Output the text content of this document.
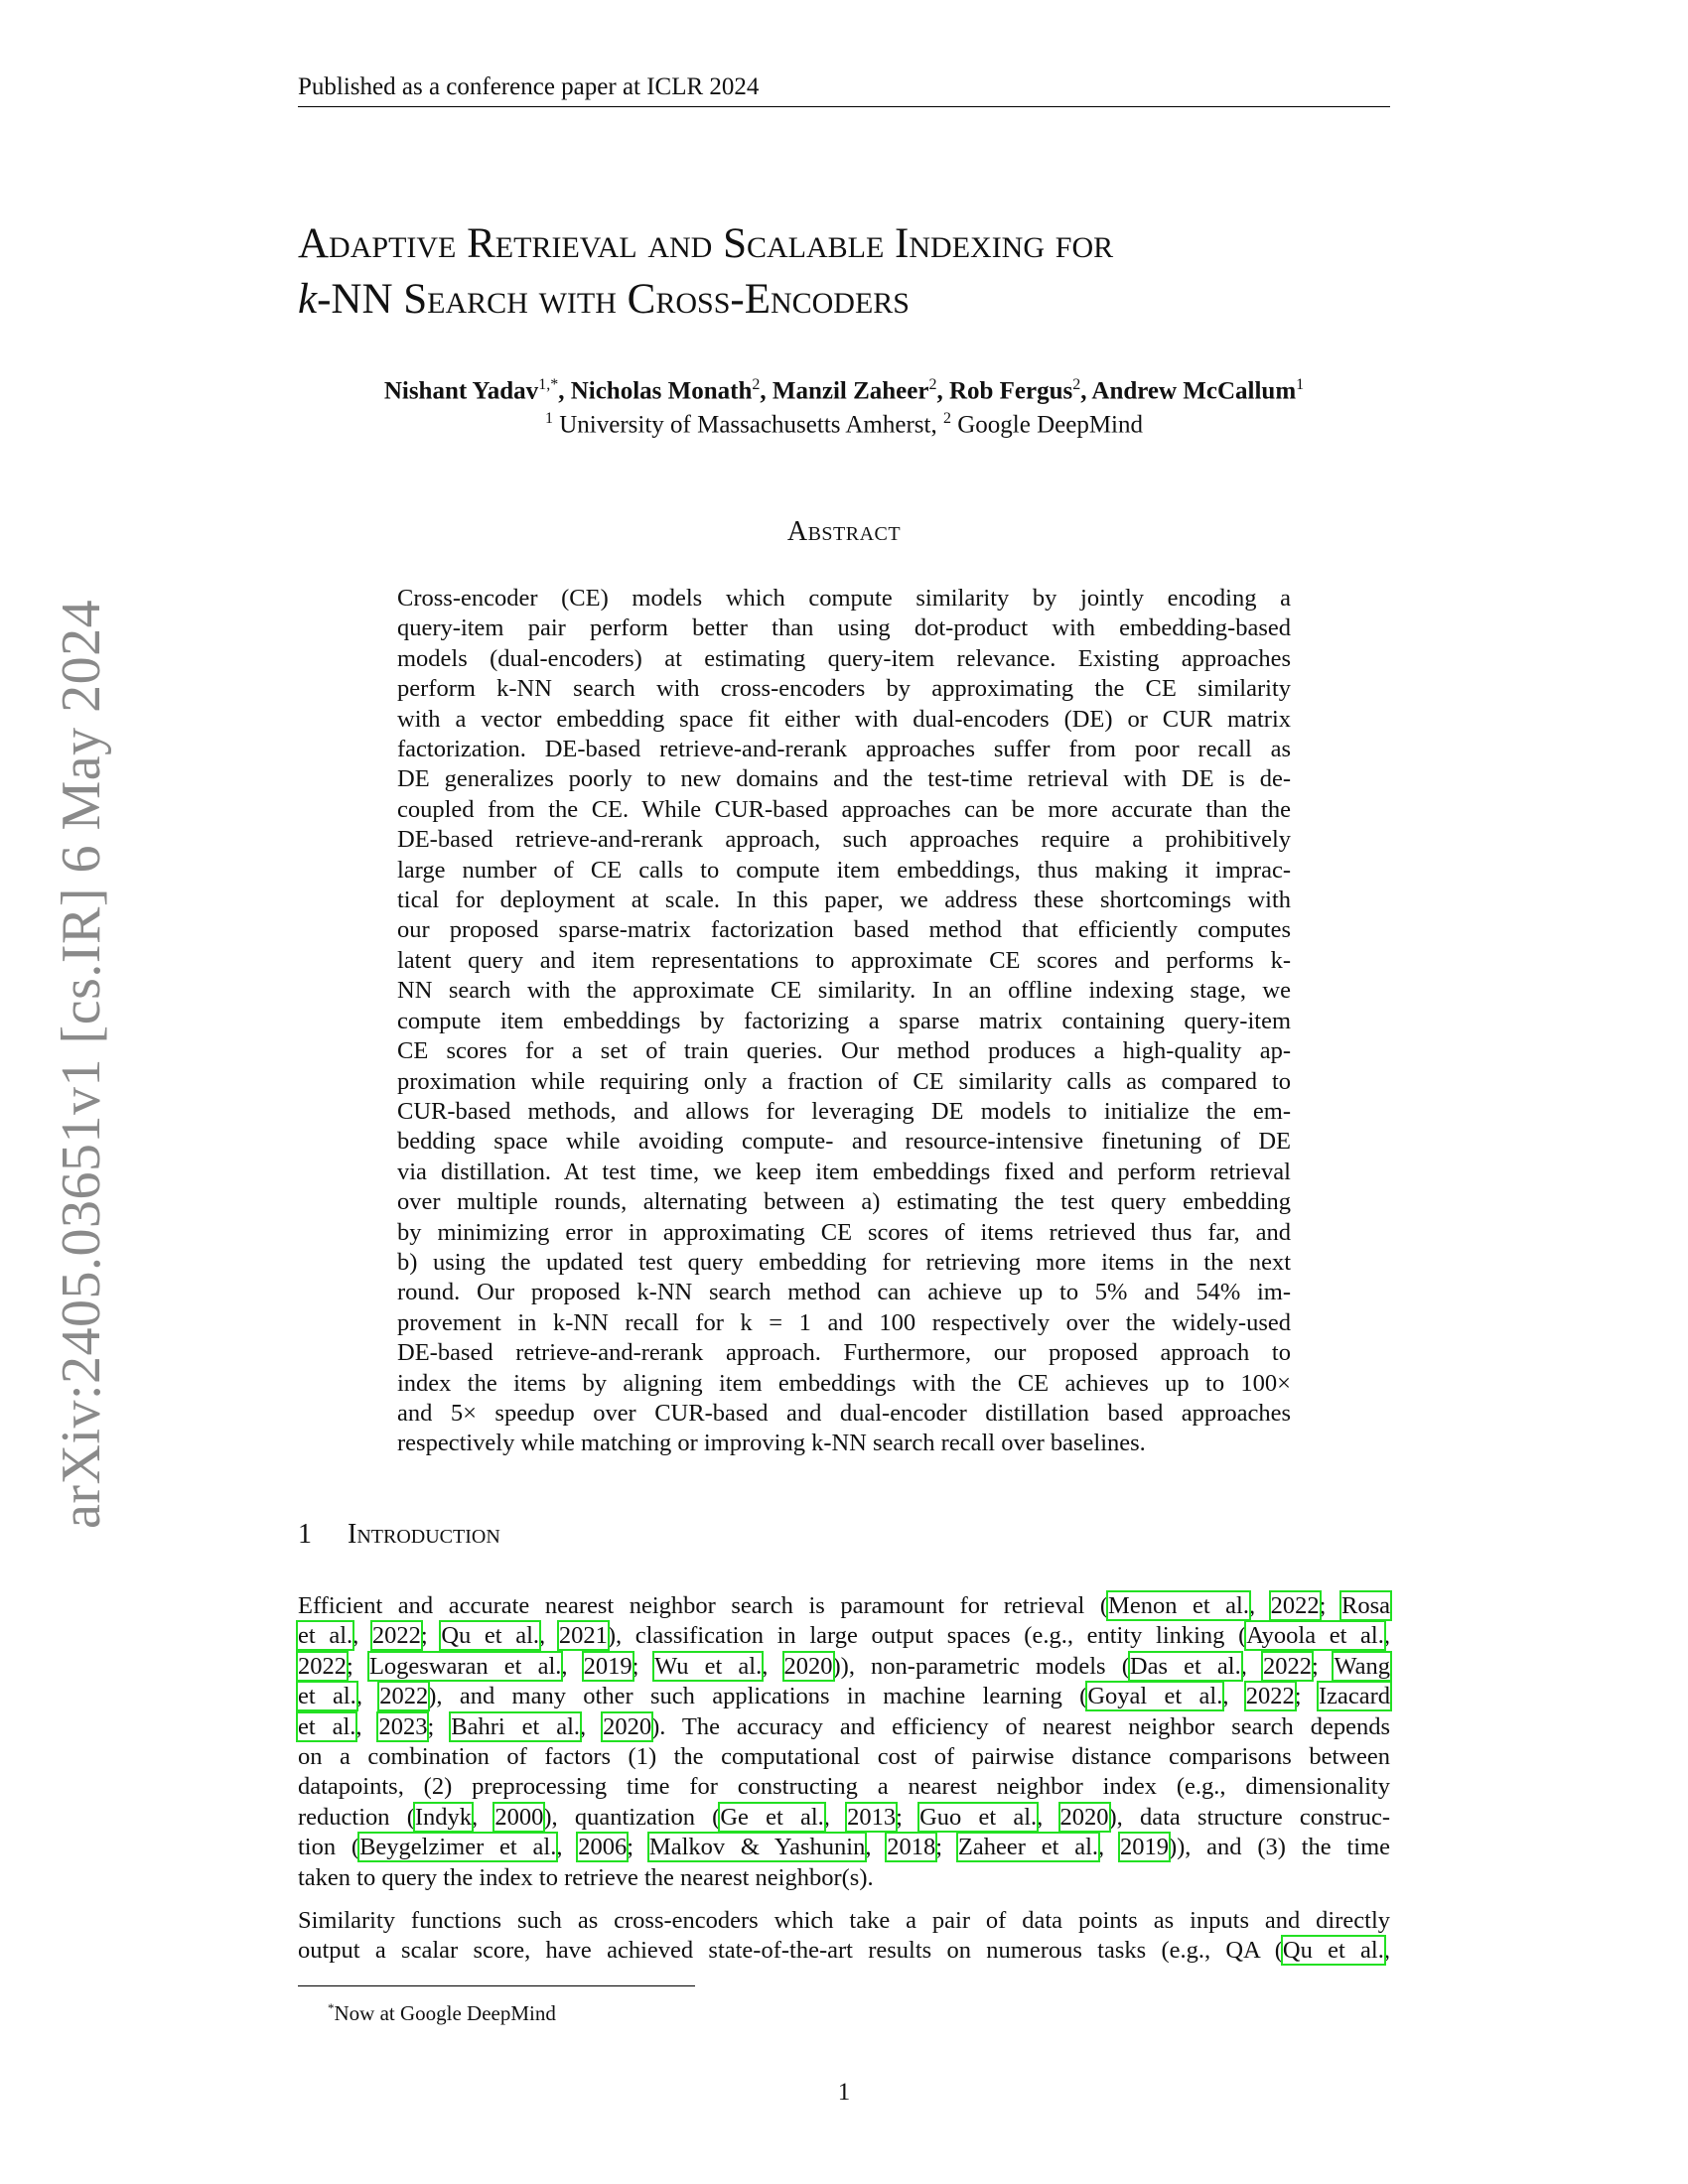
Published as a conference paper at ICLR 2024
arXiv:2405.03651v1 [cs.IR] 6 May 2024
Adaptive Retrieval and Scalable Indexing for
k-NN Search with Cross-Encoders
Nishant Yadav$^{1,*}$, Nicholas Monath$^2$, Manzil Zaheer$^2$, Rob Fergus$^2$, Andrew McCallum$^1$
$^1$ University of Massachusetts Amherst, $^2$ Google DeepMind
Abstract
Cross-encoder (CE) models which compute similarity by jointly encoding a
query-item pair perform better than using dot-product with embedding-based
models (dual-encoders) at estimating query-item relevance. Existing approaches
perform k-NN search with cross-encoders by approximating the CE similarity
with a vector embedding space fit either with dual-encoders (DE) or CUR matrix
factorization. DE-based retrieve-and-rerank approaches suffer from poor recall as
DE generalizes poorly to new domains and the test-time retrieval with DE is de-
coupled from the CE. While CUR-based approaches can be more accurate than the
DE-based retrieve-and-rerank approach, such approaches require a prohibitively
large number of CE calls to compute item embeddings, thus making it imprac-
tical for deployment at scale. In this paper, we address these shortcomings with
our proposed sparse-matrix factorization based method that efficiently computes
latent query and item representations to approximate CE scores and performs k-
NN search with the approximate CE similarity. In an offline indexing stage, we
compute item embeddings by factorizing a sparse matrix containing query-item
CE scores for a set of train queries. Our method produces a high-quality ap-
proximation while requiring only a fraction of CE similarity calls as compared to
CUR-based methods, and allows for leveraging DE models to initialize the em-
bedding space while avoiding compute- and resource-intensive finetuning of DE
via distillation. At test time, we keep item embeddings fixed and perform retrieval
over multiple rounds, alternating between a) estimating the test query embedding
by minimizing error in approximating CE scores of items retrieved thus far, and
b) using the updated test query embedding for retrieving more items in the next
round. Our proposed k-NN search method can achieve up to 5% and 54% im-
provement in k-NN recall for k = 1 and 100 respectively over the widely-used
DE-based retrieve-and-rerank approach. Furthermore, our proposed approach to
index the items by aligning item embeddings with the CE achieves up to 100×
and 5× speedup over CUR-based and dual-encoder distillation based approaches
respectively while matching or improving k-NN search recall over baselines.
1 Introduction
Efficient and accurate nearest neighbor search is paramount for retrieval (Menon et al., 2022; Rosa
et al., 2022; Qu et al., 2021), classification in large output spaces (e.g., entity linking (Ayoola et al.,
2022; Logeswaran et al., 2019; Wu et al., 2020)), non-parametric models (Das et al., 2022; Wang
et al., 2022), and many other such applications in machine learning (Goyal et al., 2022; Izacard
et al., 2023; Bahri et al., 2020). The accuracy and efficiency of nearest neighbor search depends
on a combination of factors (1) the computational cost of pairwise distance comparisons between
datapoints, (2) preprocessing time for constructing a nearest neighbor index (e.g., dimensionality
reduction (Indyk, 2000), quantization (Ge et al., 2013; Guo et al., 2020), data structure construc-
tion (Beygelzimer et al., 2006; Malkov & Yashunin, 2018; Zaheer et al., 2019)), and (3) the time
taken to query the index to retrieve the nearest neighbor(s).
Similarity functions such as cross-encoders which take a pair of data points as inputs and directly
output a scalar score, have achieved state-of-the-art results on numerous tasks (e.g., QA (Qu et al.,
*Now at Google DeepMind
1
